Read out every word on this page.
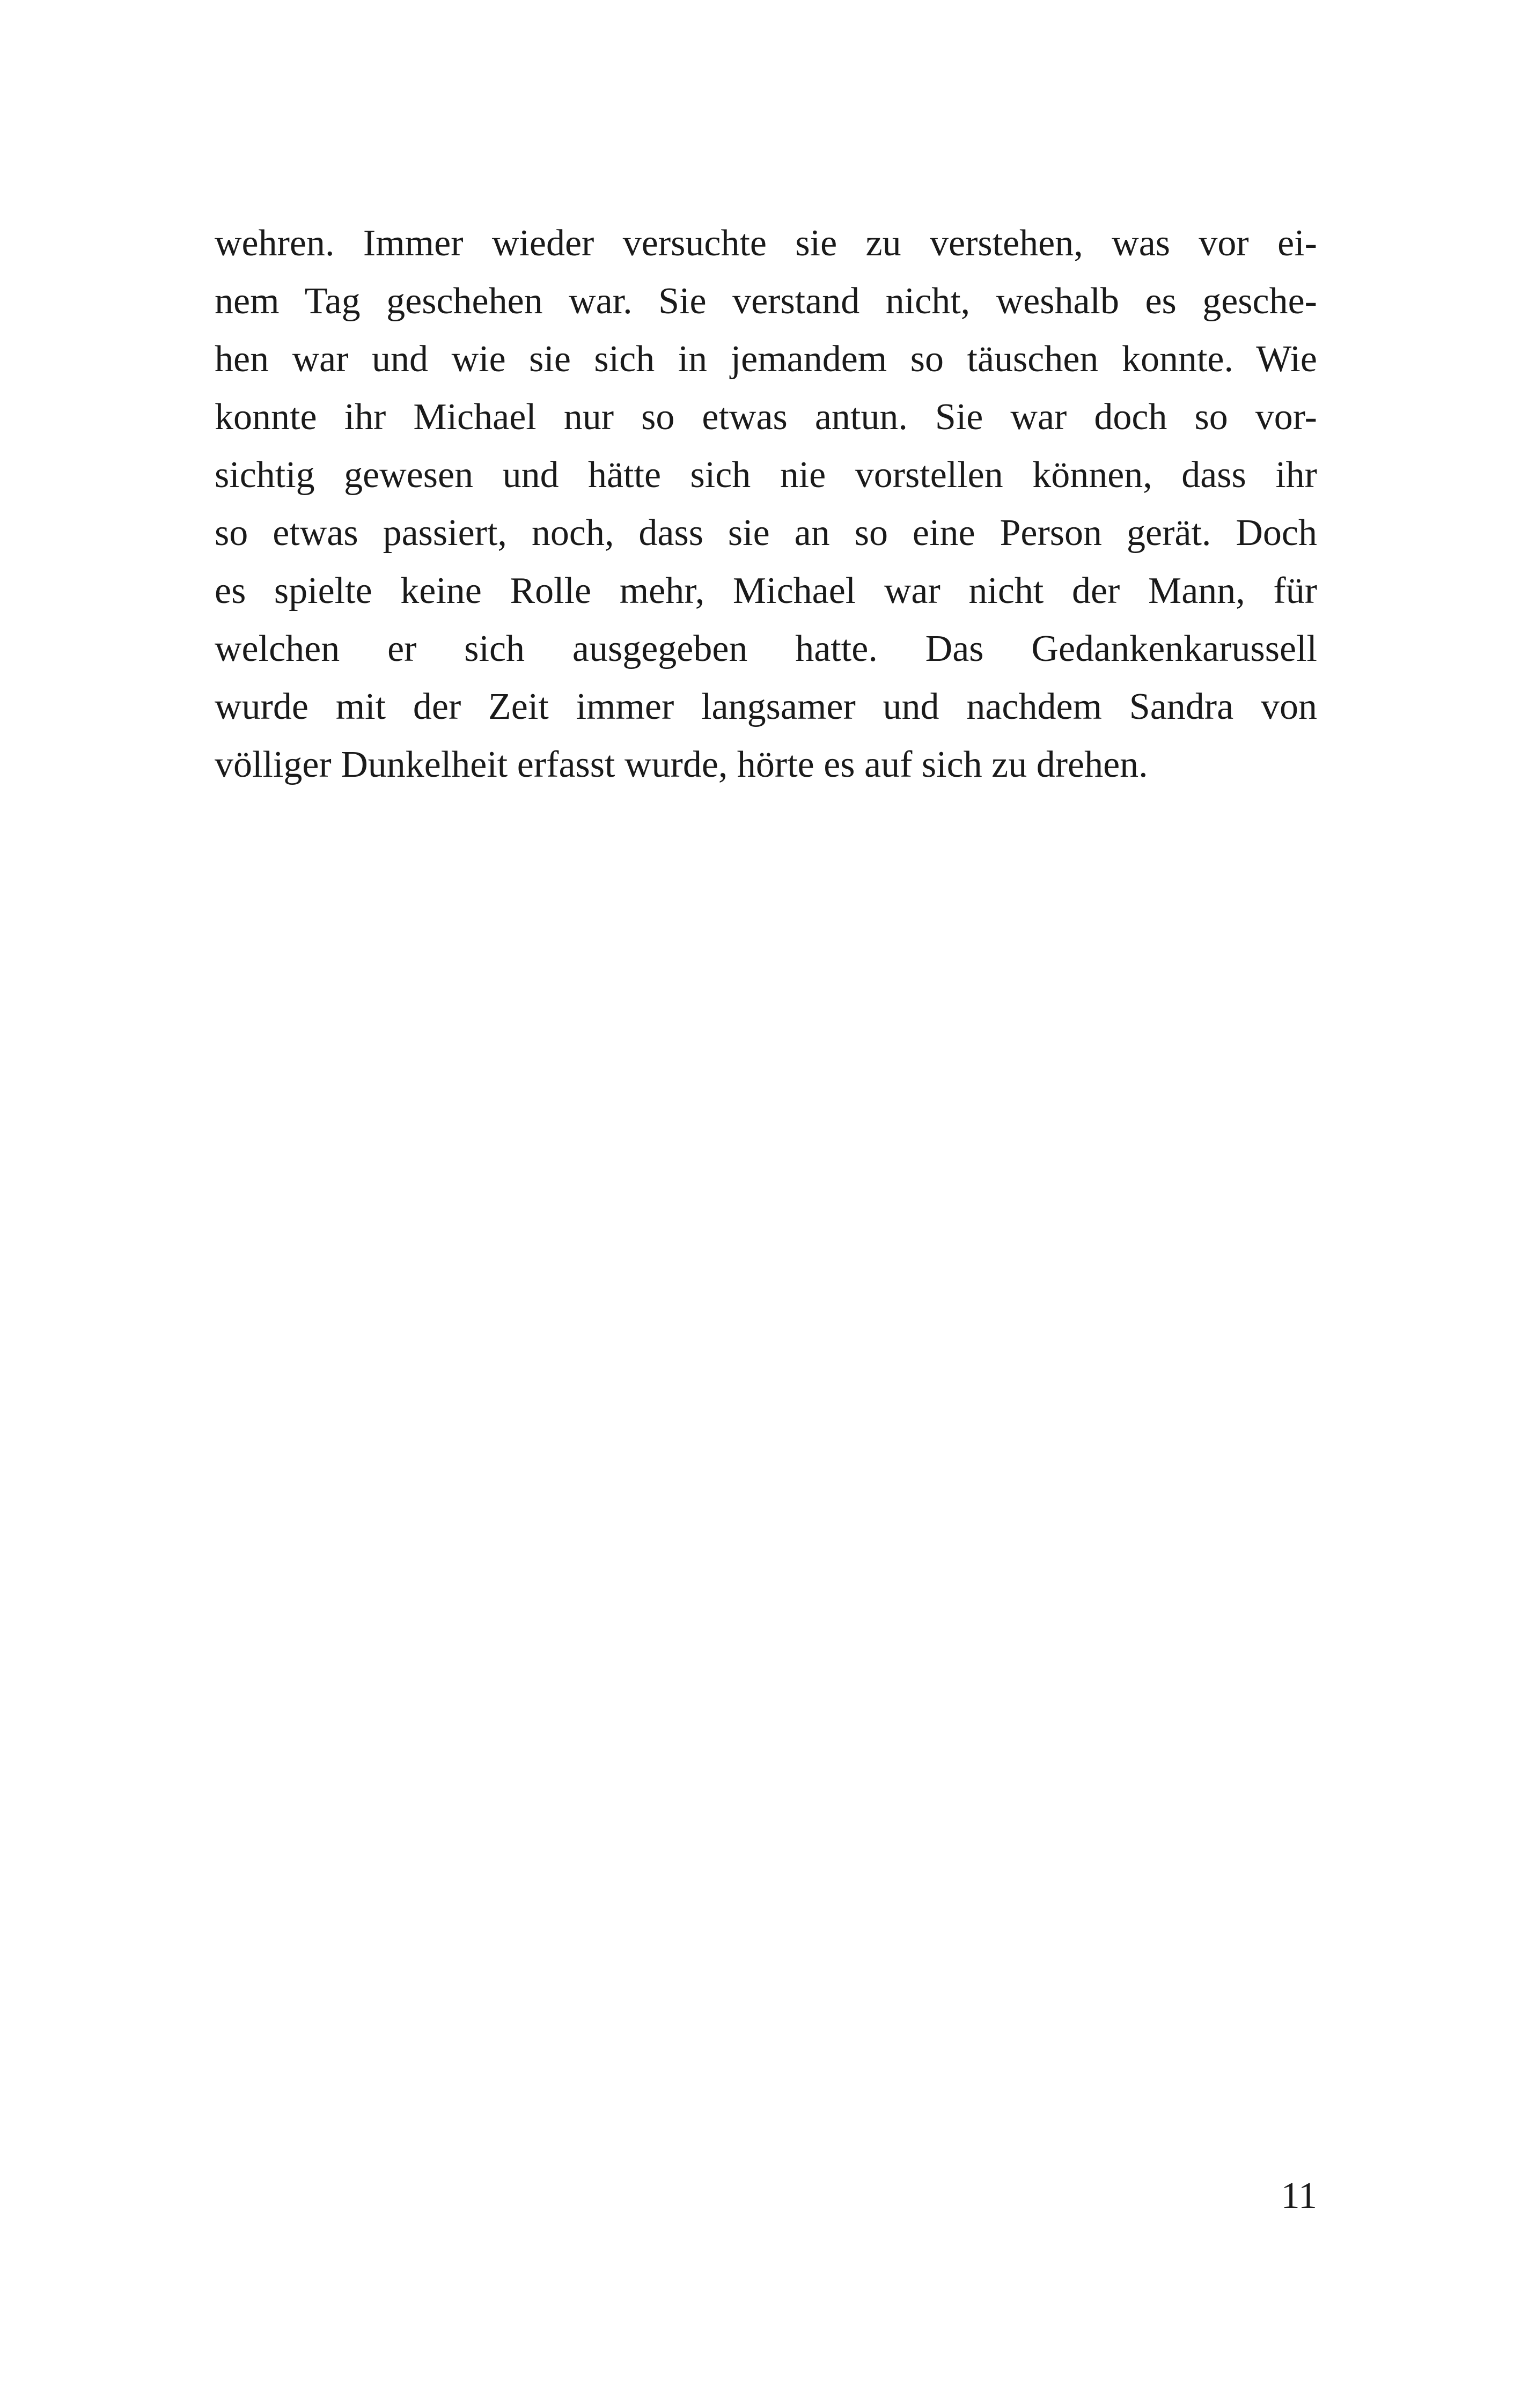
wehren. Immer wieder versuchte sie zu verstehen, was vor ei-
nem Tag geschehen war. Sie verstand nicht, weshalb es gesche-
hen war und wie sie sich in jemandem so täuschen konnte. Wie
konnte ihr Michael nur so etwas antun. Sie war doch so vor-
sichtig gewesen und hätte sich nie vorstellen können, dass ihr
so etwas passiert, noch, dass sie an so eine Person gerät. Doch
es spielte keine Rolle mehr, Michael war nicht der Mann, für
welchen er sich ausgegeben hatte. Das Gedankenkarussell
wurde mit der Zeit immer langsamer und nachdem Sandra von
völliger Dunkelheit erfasst wurde, hörte es auf sich zu drehen.
11
